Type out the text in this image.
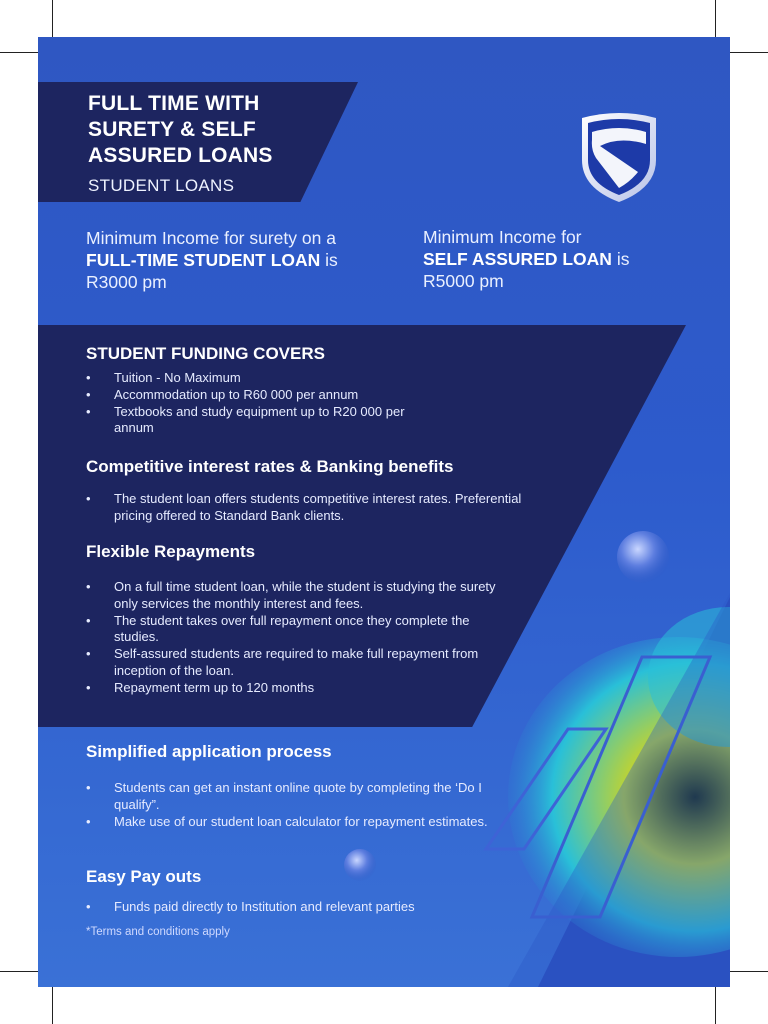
FULL TIME WITH SURETY & SELF ASSURED LOANS
STUDENT LOANS
Minimum Income for surety on a
FULL-TIME STUDENT LOAN is
R3000 pm
Minimum Income for
SELF ASSURED LOAN is
R5000 pm
STUDENT FUNDING COVERS
• Tuition - No Maximum
• Accommodation up to R60 000 per annum
• Textbooks and study equipment up to R20 000 per annum
Competitive interest rates & Banking benefits
• The student loan offers students competitive interest rates. Preferential pricing offered to Standard Bank clients.
Flexible Repayments
• On a full time student loan, while the student is studying the surety only services the monthly interest and fees.
• The student takes over full repayment once they complete the studies.
• Self-assured students are required to make full repayment from inception of the loan.
• Repayment term up to 120 months
Simplified application process
• Students can get an instant online quote by completing the ‘Do I qualify”.
• Make use of our student loan calculator for repayment estimates.
Easy Pay outs
• Funds paid directly to Institution and relevant parties
*Terms and conditions apply
